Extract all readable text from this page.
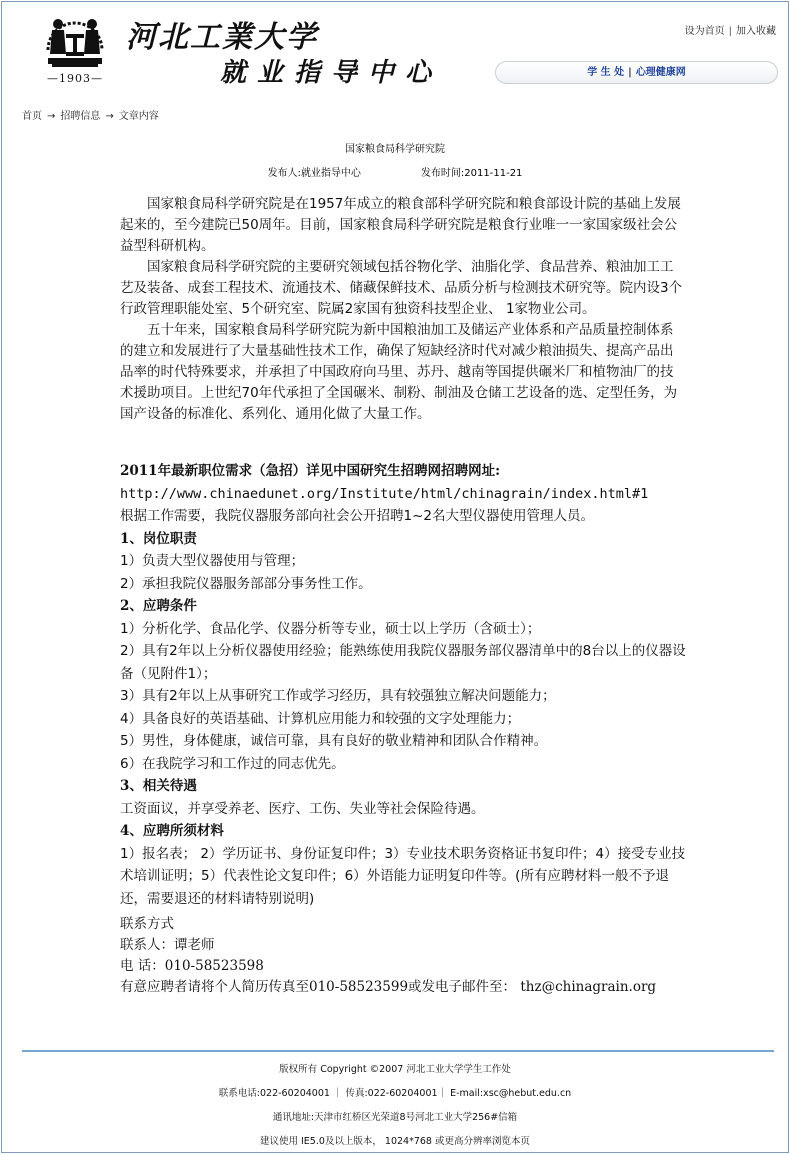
—1903—
河北工業大学
就业指导中心
设为首页 | 加入收藏
学 生 处 | 心理健康网
首页 → 招聘信息 → 文章内容
国家粮食局科学研究院
发布人:就业指导中心	发布时间:2011-11-21

国家粮食局科学研究院是在1957年成立的粮食部科学研究院和粮食部设计院的基础上发展起来的，至今建院已50周年。目前，国家粮食局科学研究院是粮食行业唯一一家国家级社会公益型科研机构。

国家粮食局科学研究院的主要研究领域包括谷物化学、油脂化学、食品营养、粮油加工工艺及装备、成套工程技术、流通技术、储藏保鲜技术、品质分析与检测技术研究等。院内设3个行政管理职能处室、5个研究室、院属2家国有独资科技型企业、 1家物业公司。

五十年来，国家粮食局科学研究院为新中国粮油加工及储运产业体系和产品质量控制体系的建立和发展进行了大量基础性技术工作，确保了短缺经济时代对减少粮油损失、提高产品出品率的时代特殊要求，并承担了中国政府向马里、苏丹、越南等国提供碾米厂和植物油厂的技术援助项目。上世纪70年代承担了全国碾米、制粉、制油及仓储工艺设备的选、定型任务，为国产设备的标准化、系列化、通用化做了大量工作。

2011年最新职位需求（急招）详见中国研究生招聘网招聘网址:
http://www.chinaedunet.org/Institute/html/chinagrain/index.html#1
根据工作需要，我院仪器服务部向社会公开招聘1~2名大型仪器使用管理人员。
1、岗位职责
1）负责大型仪器使用与管理；
2）承担我院仪器服务部部分事务性工作。
2、应聘条件
1）分析化学、食品化学、仪器分析等专业，硕士以上学历（含硕士）；
2）具有2年以上分析仪器使用经验；能熟练使用我院仪器服务部仪器清单中的8台以上的仪器设备（见附件1）；
3）具有2年以上从事研究工作或学习经历，具有较强独立解决问题能力；
4）具备良好的英语基础、计算机应用能力和较强的文字处理能力；
5）男性，身体健康，诚信可靠，具有良好的敬业精神和团队合作精神。
6）在我院学习和工作过的同志优先。
3、相关待遇
工资面议，并享受养老、医疗、工伤、失业等社会保险待遇。
4、应聘所须材料
1）报名表； 2）学历证书、身份证复印件；3）专业技术职务资格证书复印件；4）接受专业技术培训证明；5）代表性论文复印件；6）外语能力证明复印件等。(所有应聘材料一般不予退还，需要退还的材料请特别说明)
联系方式
联系人：谭老师
电 话：010-58523598
有意应聘者请将个人简历传真至010-58523599或发电子邮件至： thz@chinagrain.org
版权所有 Copyright ©2007 河北工业大学学生工作处
联系电话:022-60204001 ｜ 传真:022-60204001｜ E-mail:xsc@hebut.edu.cn
通讯地址:天津市红桥区光荣道8号河北工业大学256#信箱
建议使用 IE5.0及以上版本， 1024*768 或更高分辨率浏览本页
